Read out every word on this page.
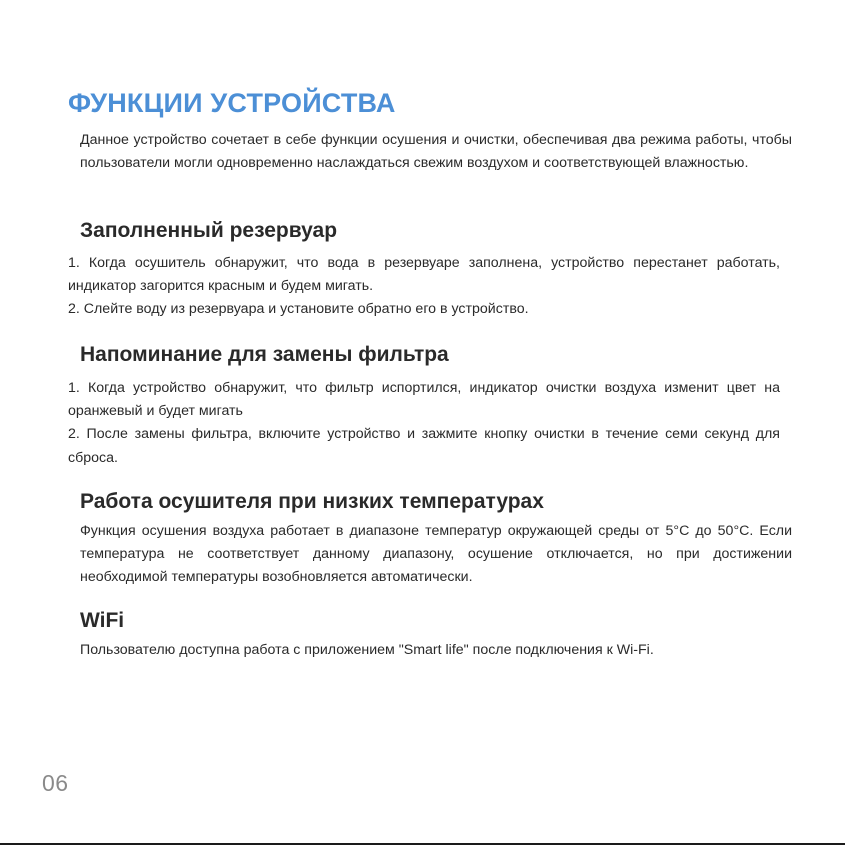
ФУНКЦИИ УСТРОЙСТВА

Данное устройство сочетает в себе функции осушения и очистки, обеспечивая два режима работы, чтобы пользователи могли одновременно наслаждаться свежим воздухом и соответствующей влажностью.

Заполненный резервуар
1. Когда осушитель обнаружит, что вода в резервуаре заполнена, устройство перестанет работать, индикатор загорится красным и будем мигать.
2. Слейте воду из резервуара и установите обратно его в устройство.
Напоминание для замены фильтра
1. Когда устройство обнаружит, что фильтр испортился, индикатор очистки воздуха изменит цвет на оранжевый и будет мигать
2. После замены фильтра, включите устройство и зажмите кнопку очистки в течение семи секунд для сброса.
Работа осушителя при низких температурах

Функция осушения воздуха работает в диапазоне температур окружающей среды от 5°C до 50°C. Если температура не соответствует данному диапазону, осушение отключается, но при достижении необходимой температуры возобновляется автоматически.

WiFi

Пользователю доступна работа с приложением "Smart life" после подключения к Wi-Fi.

06
